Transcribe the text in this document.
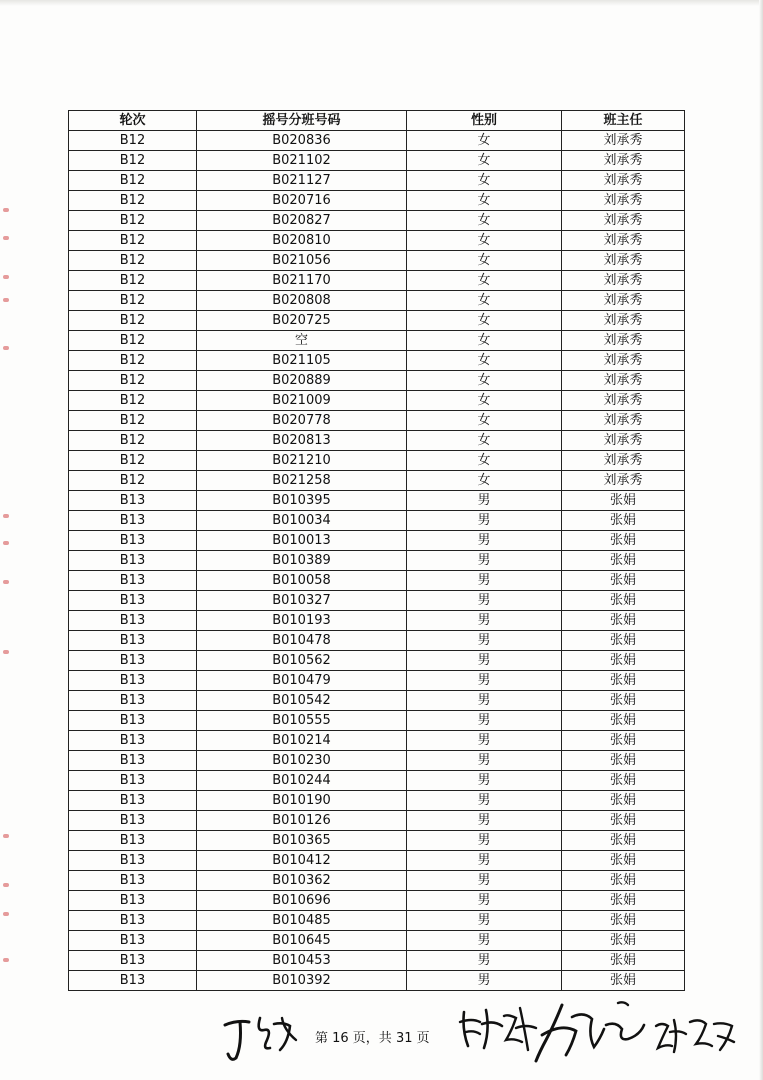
轮次	摇号分班号码	性别	班主任
B12	B020836	女	刘承秀
B12	B021102	女	刘承秀
B12	B021127	女	刘承秀
B12	B020716	女	刘承秀
B12	B020827	女	刘承秀
B12	B020810	女	刘承秀
B12	B021056	女	刘承秀
B12	B021170	女	刘承秀
B12	B020808	女	刘承秀
B12	B020725	女	刘承秀
B12	空	女	刘承秀
B12	B021105	女	刘承秀
B12	B020889	女	刘承秀
B12	B021009	女	刘承秀
B12	B020778	女	刘承秀
B12	B020813	女	刘承秀
B12	B021210	女	刘承秀
B12	B021258	女	刘承秀
B13	B010395	男	张娟
B13	B010034	男	张娟
B13	B010013	男	张娟
B13	B010389	男	张娟
B13	B010058	男	张娟
B13	B010327	男	张娟
B13	B010193	男	张娟
B13	B010478	男	张娟
B13	B010562	男	张娟
B13	B010479	男	张娟
B13	B010542	男	张娟
B13	B010555	男	张娟
B13	B010214	男	张娟
B13	B010230	男	张娟
B13	B010244	男	张娟
B13	B010190	男	张娟
B13	B010126	男	张娟
B13	B010365	男	张娟
B13	B010412	男	张娟
B13	B010362	男	张娟
B13	B010696	男	张娟
B13	B010485	男	张娟
B13	B010645	男	张娟
B13	B010453	男	张娟
B13	B010392	男	张娟
第 16 页，共 31 页
